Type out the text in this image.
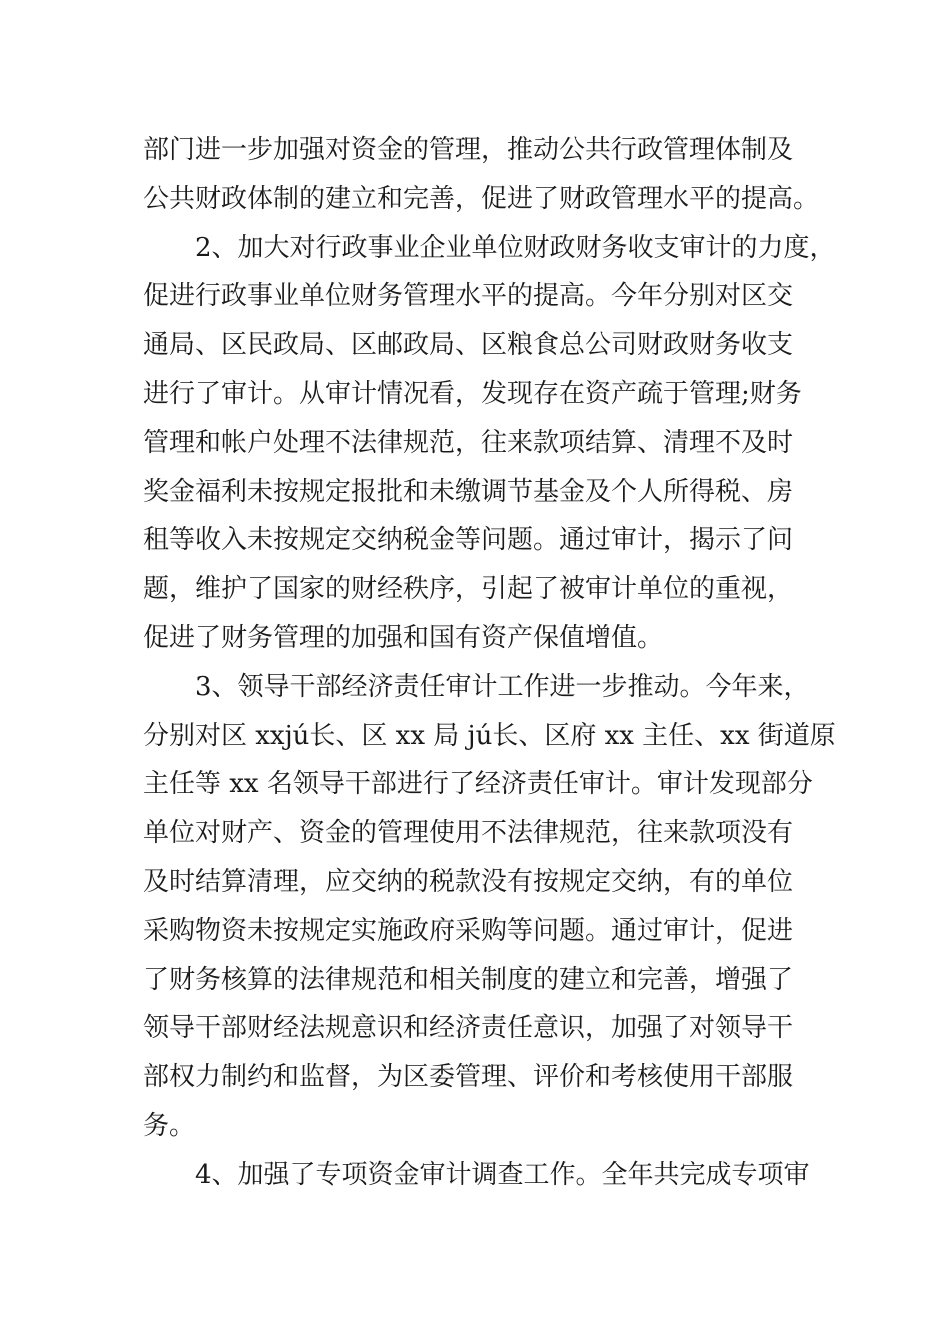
部门进一步加强对资金的管理，推动公共行政管理体制及

公共财政体制的建立和完善，促进了财政管理水平的提高。

2、加大对行政事业企业单位财政财务收支审计的力度，

促进行政事业单位财务管理水平的提高。今年分别对区交

通局、区民政局、区邮政局、区粮食总公司财政财务收支

进行了审计。从审计情况看，发现存在资产疏于管理;财务

管理和帐户处理不法律规范，往来款项结算、清理不及时

奖金福利未按规定报批和未缴调节基金及个人所得税、房

租等收入未按规定交纳税金等问题。通过审计，揭示了问

题，维护了国家的财经秩序，引起了被审计单位的重视，

促进了财务管理的加强和国有资产保值增值。

3、领导干部经济责任审计工作进一步推动。今年来，

分别对区 xxjú长、区 xx 局 jú长、区府 xx 主任、xx 街道原

主任等 xx 名领导干部进行了经济责任审计。审计发现部分

单位对财产、资金的管理使用不法律规范，往来款项没有

及时结算清理，应交纳的税款没有按规定交纳，有的单位

采购物资未按规定实施政府采购等问题。通过审计，促进

了财务核算的法律规范和相关制度的建立和完善，增强了

领导干部财经法规意识和经济责任意识，加强了对领导干

部权力制约和监督，为区委管理、评价和考核使用干部服

务。

4、加强了专项资金审计调查工作。全年共完成专项审
